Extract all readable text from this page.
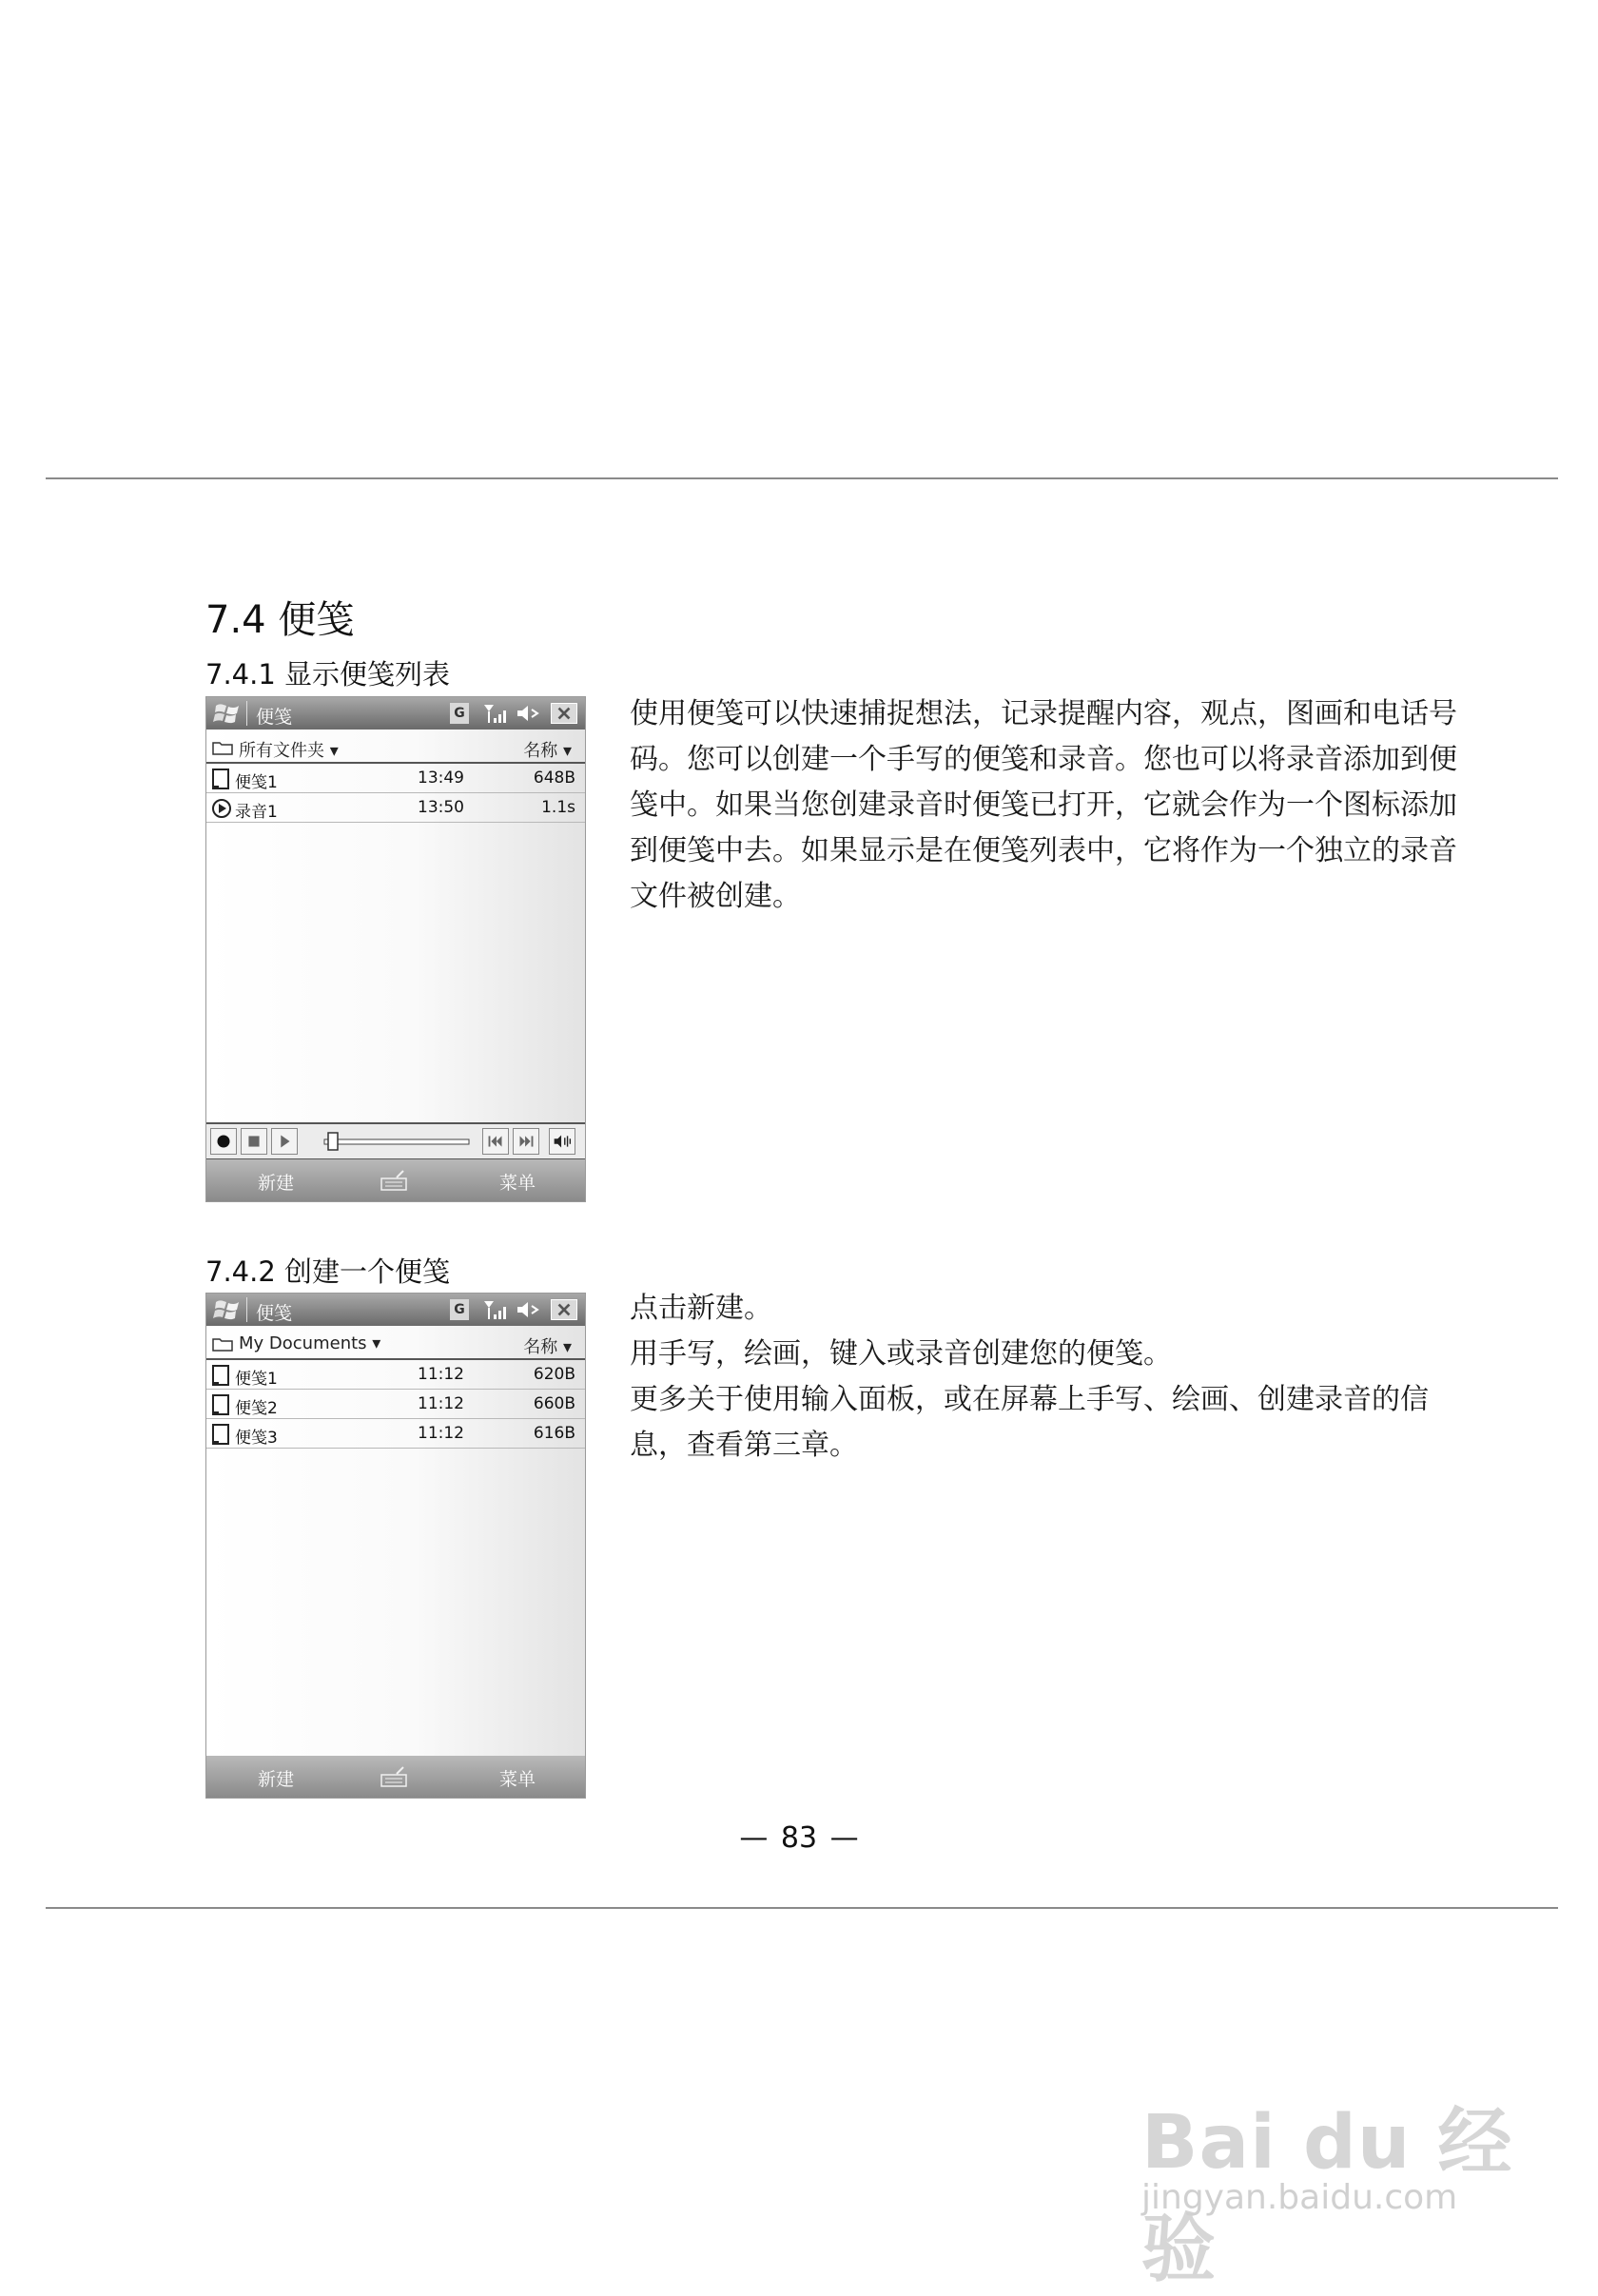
7.4 便笺
7.4.1 显示便笺列表
便笺	G
所有文件夹 ▾	名称 ▾
便笺1	13:49	648B
录音1	13:50	1.1s
新建	菜单

使用便笺可以快速捕捉想法，记录提醒内容，观点，图画和电话号码。您可以创建一个手写的便笺和录音。您也可以将录音添加到便笺中。如果当您创建录音时便笺已打开，它就会作为一个图标添加到便笺中去。如果显示是在便笺列表中，它将作为一个独立的录音文件被创建。

7.4.2 创建一个便笺
便笺	G
My Documents ▾	名称 ▾
便笺1	11:12	620B
便笺2	11:12	660B
便笺3	11:12	616B
新建	菜单

点击新建。

用手写，绘画，键入或录音创建您的便笺。

更多关于使用输入面板，或在屏幕上手写、绘画、创建录音的信息，查看第三章。

— 83 —
Bai du 经验
jingyan.baidu.com
